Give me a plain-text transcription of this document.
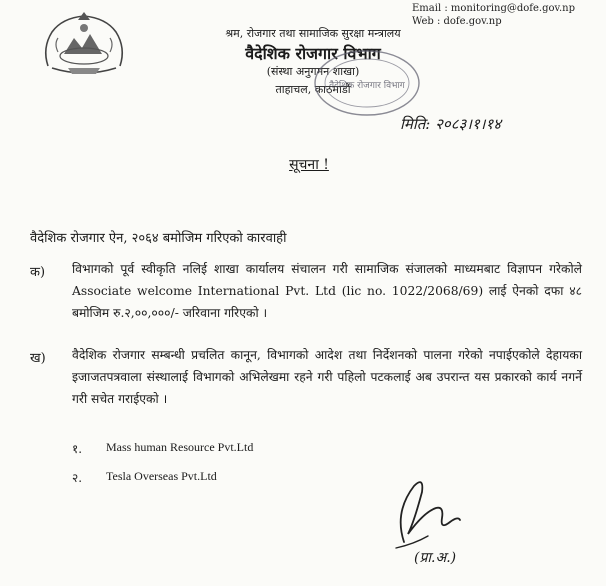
Email : monitoring@dofe.gov.np
Web : dofe.gov.np
श्रम, रोजगार तथा सामाजिक सुरक्षा मन्त्रालय
वैदेशिक रोजगार विभाग
(संस्था अनुगमन शाखा)
ताहाचल, काठमाडौं
वैदेशिक रोजगार विभाग
मिति: २०८३।१।१४
सूचना !
वैदेशिक रोजगार ऐन, २०६४ बमोजिम गरिएको कारवाही
क) विभागको पूर्व स्वीकृति नलिई शाखा कार्यालय संचालन गरी सामाजिक संजालको माध्यमबाट विज्ञापन गरेकोले Associate welcome International Pvt. Ltd (lic no. 1022/2068/69) लाई ऐनको दफा ४८ बमोजिम रु.२,००,०००/- जरिवाना गरिएको ।
ख) वैदेशिक रोजगार सम्बन्धी प्रचलित कानून, विभागको आदेश तथा निर्देशनको पालना गरेको नपाईएकोले देहायका इजाजतपत्रवाला संस्थालाई विभागको अभिलेखमा रहने गरी पहिलो पटकलाई अब उपरान्त यस प्रकारको कार्य नगर्ने गरी सचेत गराईएको ।
१. Mass human Resource Pvt.Ltd
२. Tesla Overseas Pvt.Ltd
(प्रा.अ.)
